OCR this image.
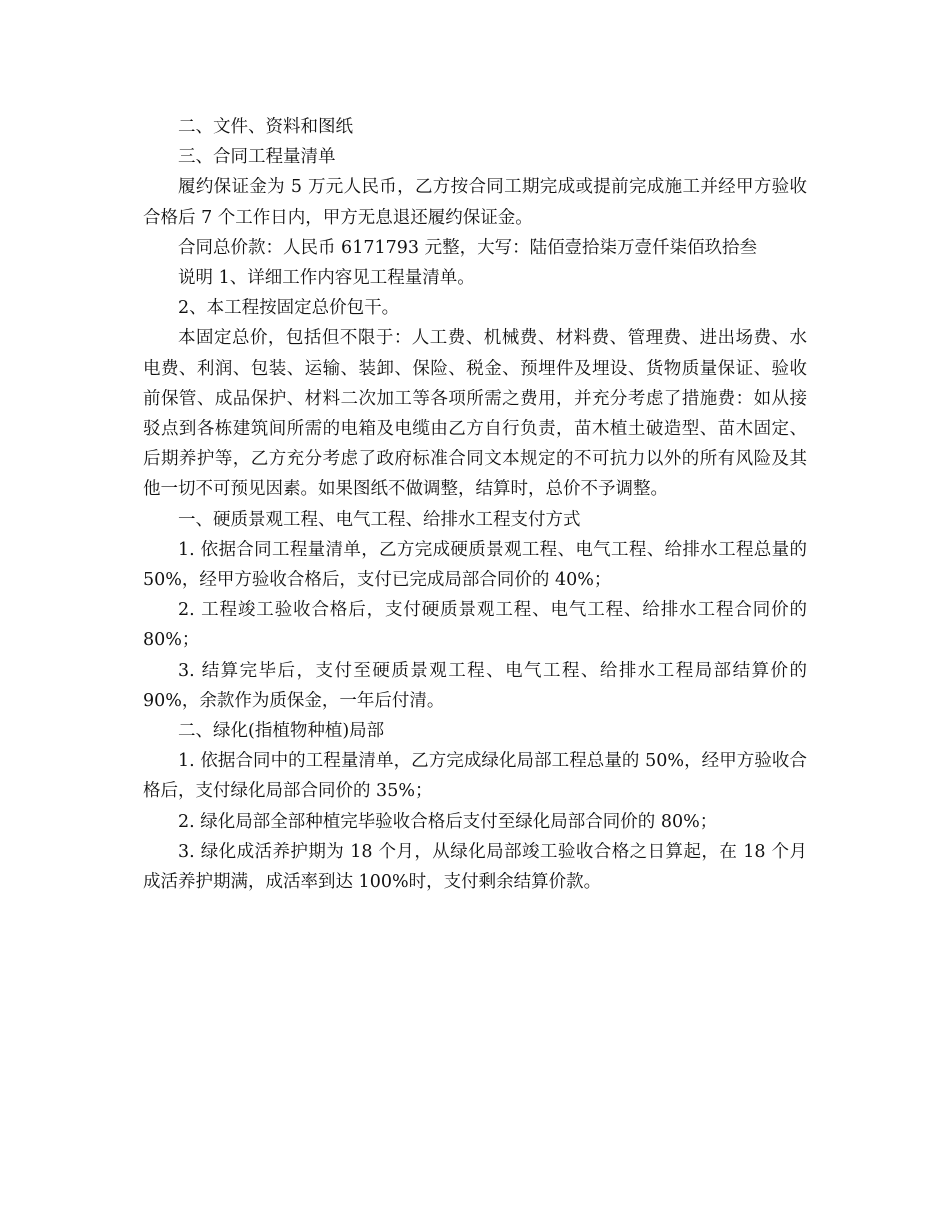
二、文件、资料和图纸

三、合同工程量清单

履约保证金为 5 万元人民币，乙方按合同工期完成或提前完成施工并经甲方验收合格后 7 个工作日内，甲方无息退还履约保证金。

合同总价款：人民币 6171793 元整，大写：陆佰壹拾柒万壹仟柒佰玖拾叁

说明 1、详细工作内容见工程量清单。

2、本工程按固定总价包干。

本固定总价，包括但不限于：人工费、机械费、材料费、管理费、进出场费、水电费、利润、包装、运输、装卸、保险、税金、预埋件及埋设、货物质量保证、验收前保管、成品保护、材料二次加工等各项所需之费用，并充分考虑了措施费：如从接驳点到各栋建筑间所需的电箱及电缆由乙方自行负责，苗木植土破造型、苗木固定、后期养护等，乙方充分考虑了政府标准合同文本规定的不可抗力以外的所有风险及其他一切不可预见因素。如果图纸不做调整，结算时，总价不予调整。

一、硬质景观工程、电气工程、给排水工程支付方式

1. 依据合同工程量清单，乙方完成硬质景观工程、电气工程、给排水工程总量的 50%，经甲方验收合格后，支付已完成局部合同价的 40%；

2. 工程竣工验收合格后，支付硬质景观工程、电气工程、给排水工程合同价的 80%；

3. 结算完毕后，支付至硬质景观工程、电气工程、给排水工程局部结算价的 90%，余款作为质保金，一年后付清。

二、绿化(指植物种植)局部

1. 依据合同中的工程量清单，乙方完成绿化局部工程总量的 50%，经甲方验收合格后，支付绿化局部合同价的 35%；

2. 绿化局部全部种植完毕验收合格后支付至绿化局部合同价的 80%；

3. 绿化成活养护期为 18 个月，从绿化局部竣工验收合格之日算起，在 18 个月成活养护期满，成活率到达 100%时，支付剩余结算价款。
